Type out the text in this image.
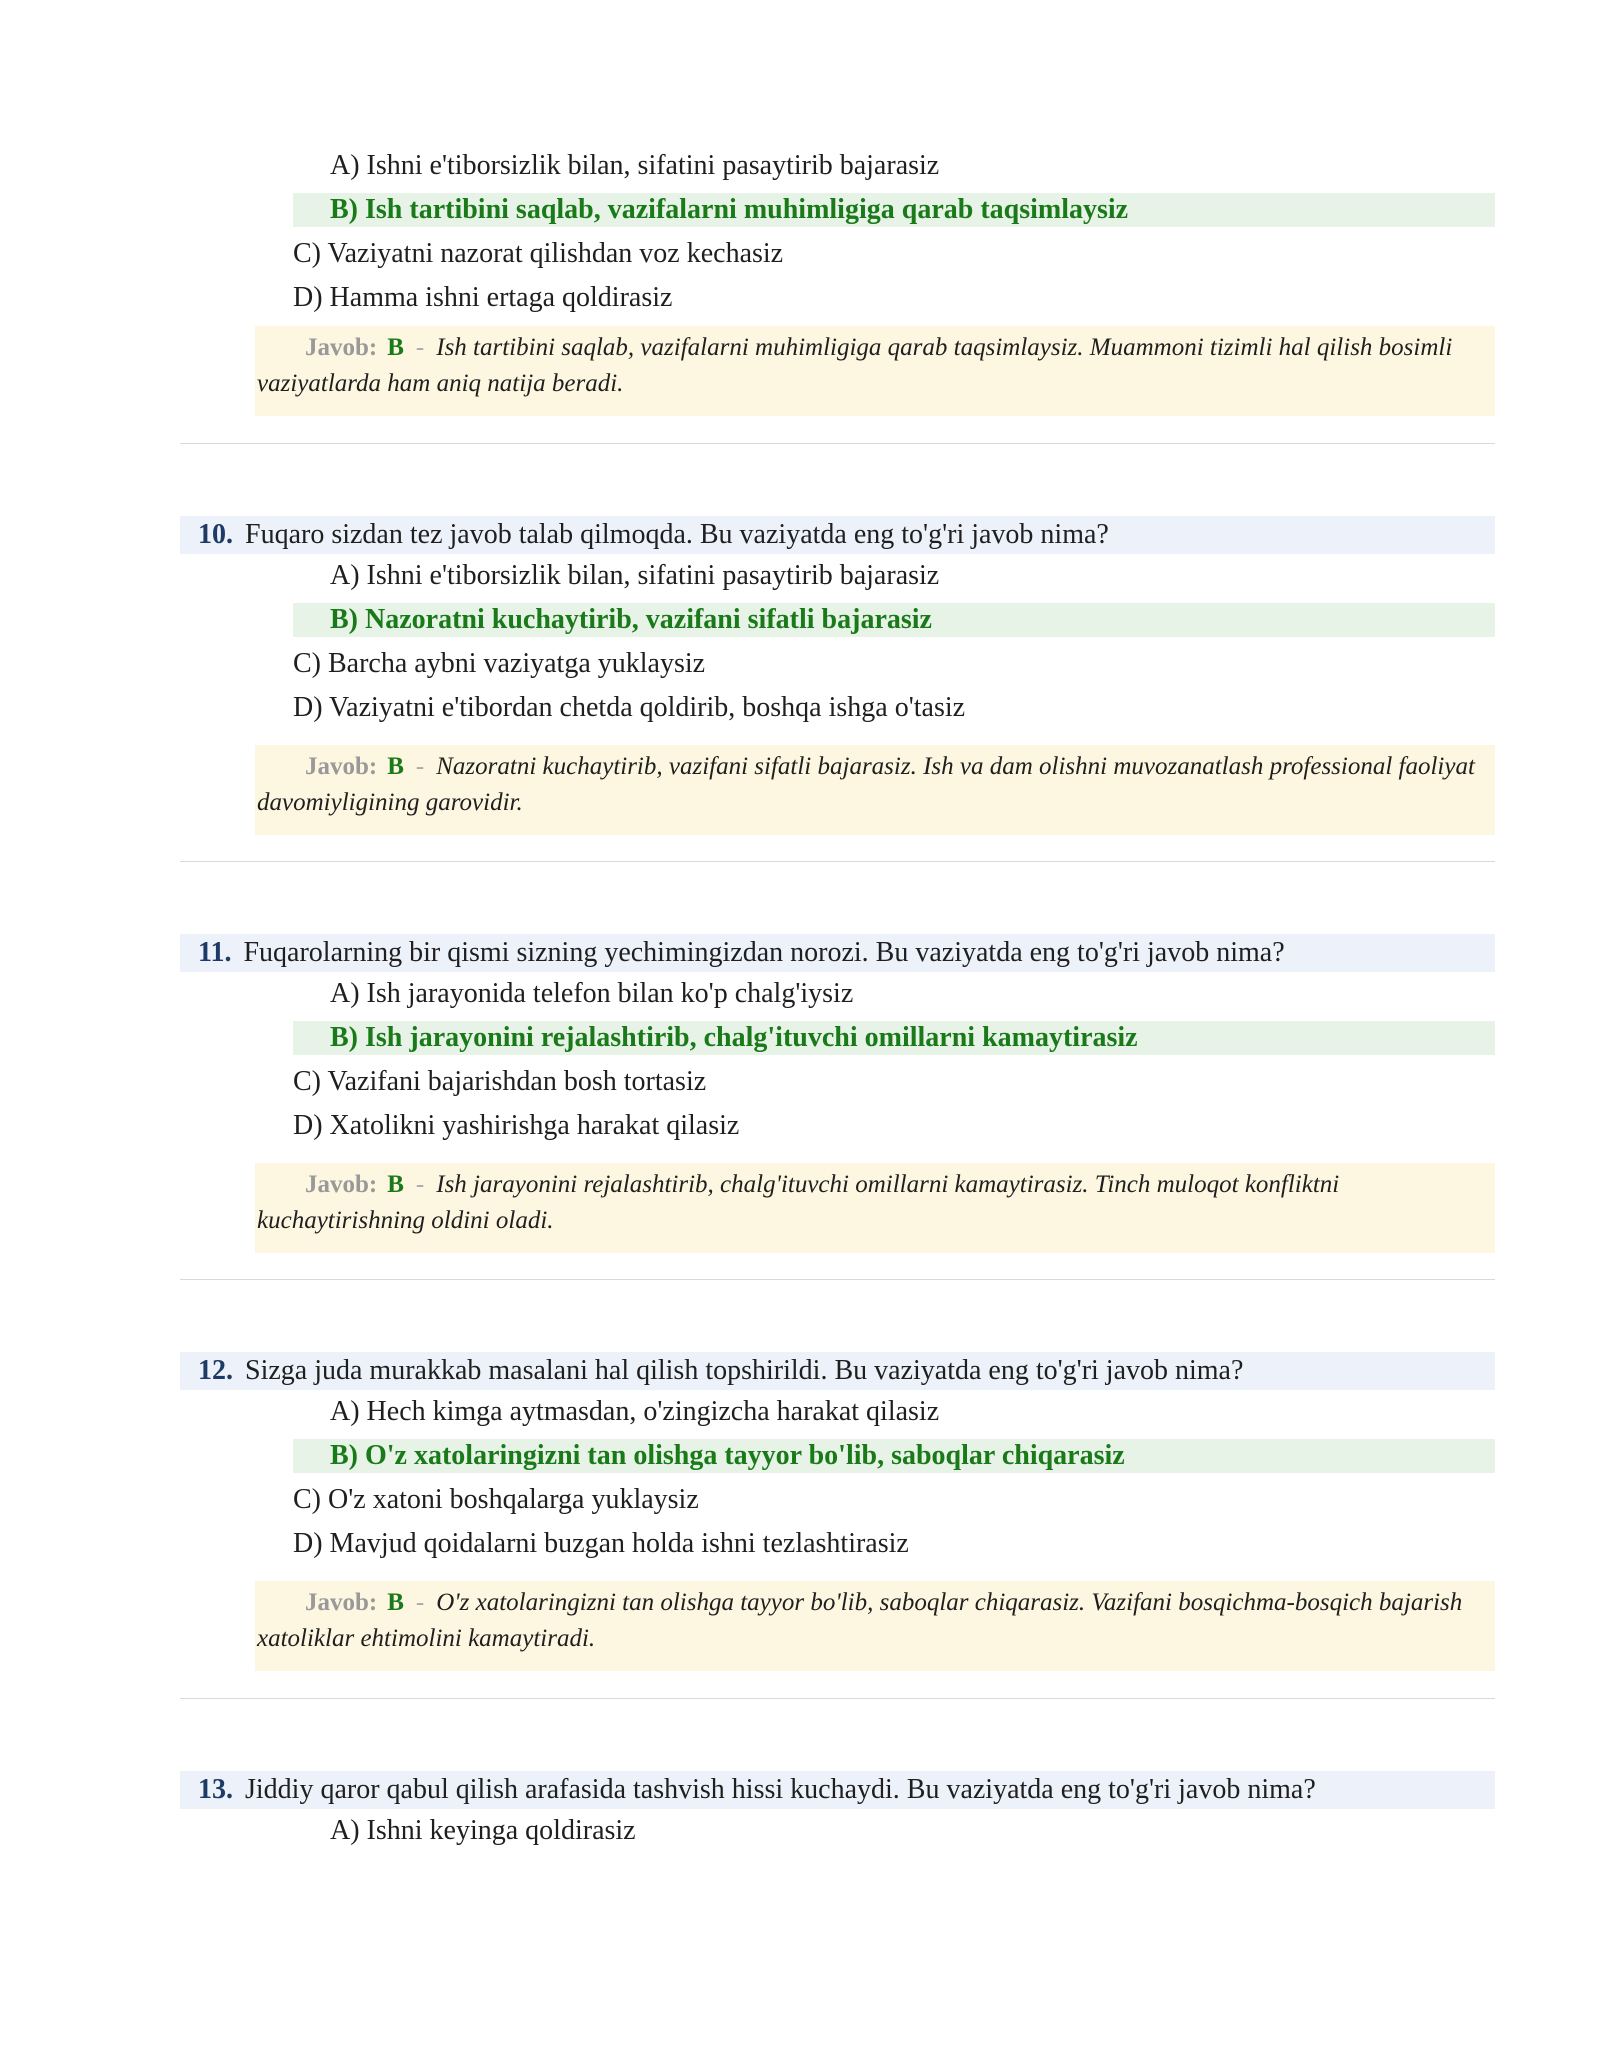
A) Ishni e'tiborsizlik bilan, sifatini pasaytirib bajarasiz
B) Ish tartibini saqlab, vazifalarni muhimligiga qarab taqsimlaysiz
C) Vaziyatni nazorat qilishdan voz kechasiz
D) Hamma ishni ertaga qoldirasiz
Javob: B - Ish tartibini saqlab, vazifalarni muhimligiga qarab taqsimlaysiz. Muammoni tizimli hal qilish bosimli vaziyatlarda ham aniq natija beradi.
10. Fuqaro sizdan tez javob talab qilmoqda. Bu vaziyatda eng to'g'ri javob nima?
A) Ishni e'tiborsizlik bilan, sifatini pasaytirib bajarasiz
B) Nazoratni kuchaytirib, vazifani sifatli bajarasiz
C) Barcha aybni vaziyatga yuklaysiz
D) Vaziyatni e'tibordan chetda qoldirib, boshqa ishga o'tasiz
Javob: B - Nazoratni kuchaytirib, vazifani sifatli bajarasiz. Ish va dam olishni muvozanatlash professional faoliyat davomiyligining garovidir.
11. Fuqarolarning bir qismi sizning yechimingizdan norozi. Bu vaziyatda eng to'g'ri javob nima?
A) Ish jarayonida telefon bilan ko'p chalg'iysiz
B) Ish jarayonini rejalashtirib, chalg'ituvchi omillarni kamaytirasiz
C) Vazifani bajarishdan bosh tortasiz
D) Xatolikni yashirishga harakat qilasiz
Javob: B - Ish jarayonini rejalashtirib, chalg'ituvchi omillarni kamaytirasiz. Tinch muloqot konfliktni kuchaytirishning oldini oladi.
12. Sizga juda murakkab masalani hal qilish topshirildi. Bu vaziyatda eng to'g'ri javob nima?
A) Hech kimga aytmasdan, o'zingizcha harakat qilasiz
B) O'z xatolaringizni tan olishga tayyor bo'lib, saboqlar chiqarasiz
C) O'z xatoni boshqalarga yuklaysiz
D) Mavjud qoidalarni buzgan holda ishni tezlashtirasiz
Javob: B - O'z xatolaringizni tan olishga tayyor bo'lib, saboqlar chiqarasiz. Vazifani bosqichma-bosqich bajarish xatoliklar ehtimolini kamaytiradi.
13. Jiddiy qaror qabul qilish arafasida tashvish hissi kuchaydi. Bu vaziyatda eng to'g'ri javob nima?
A) Ishni keyinga qoldirasiz
